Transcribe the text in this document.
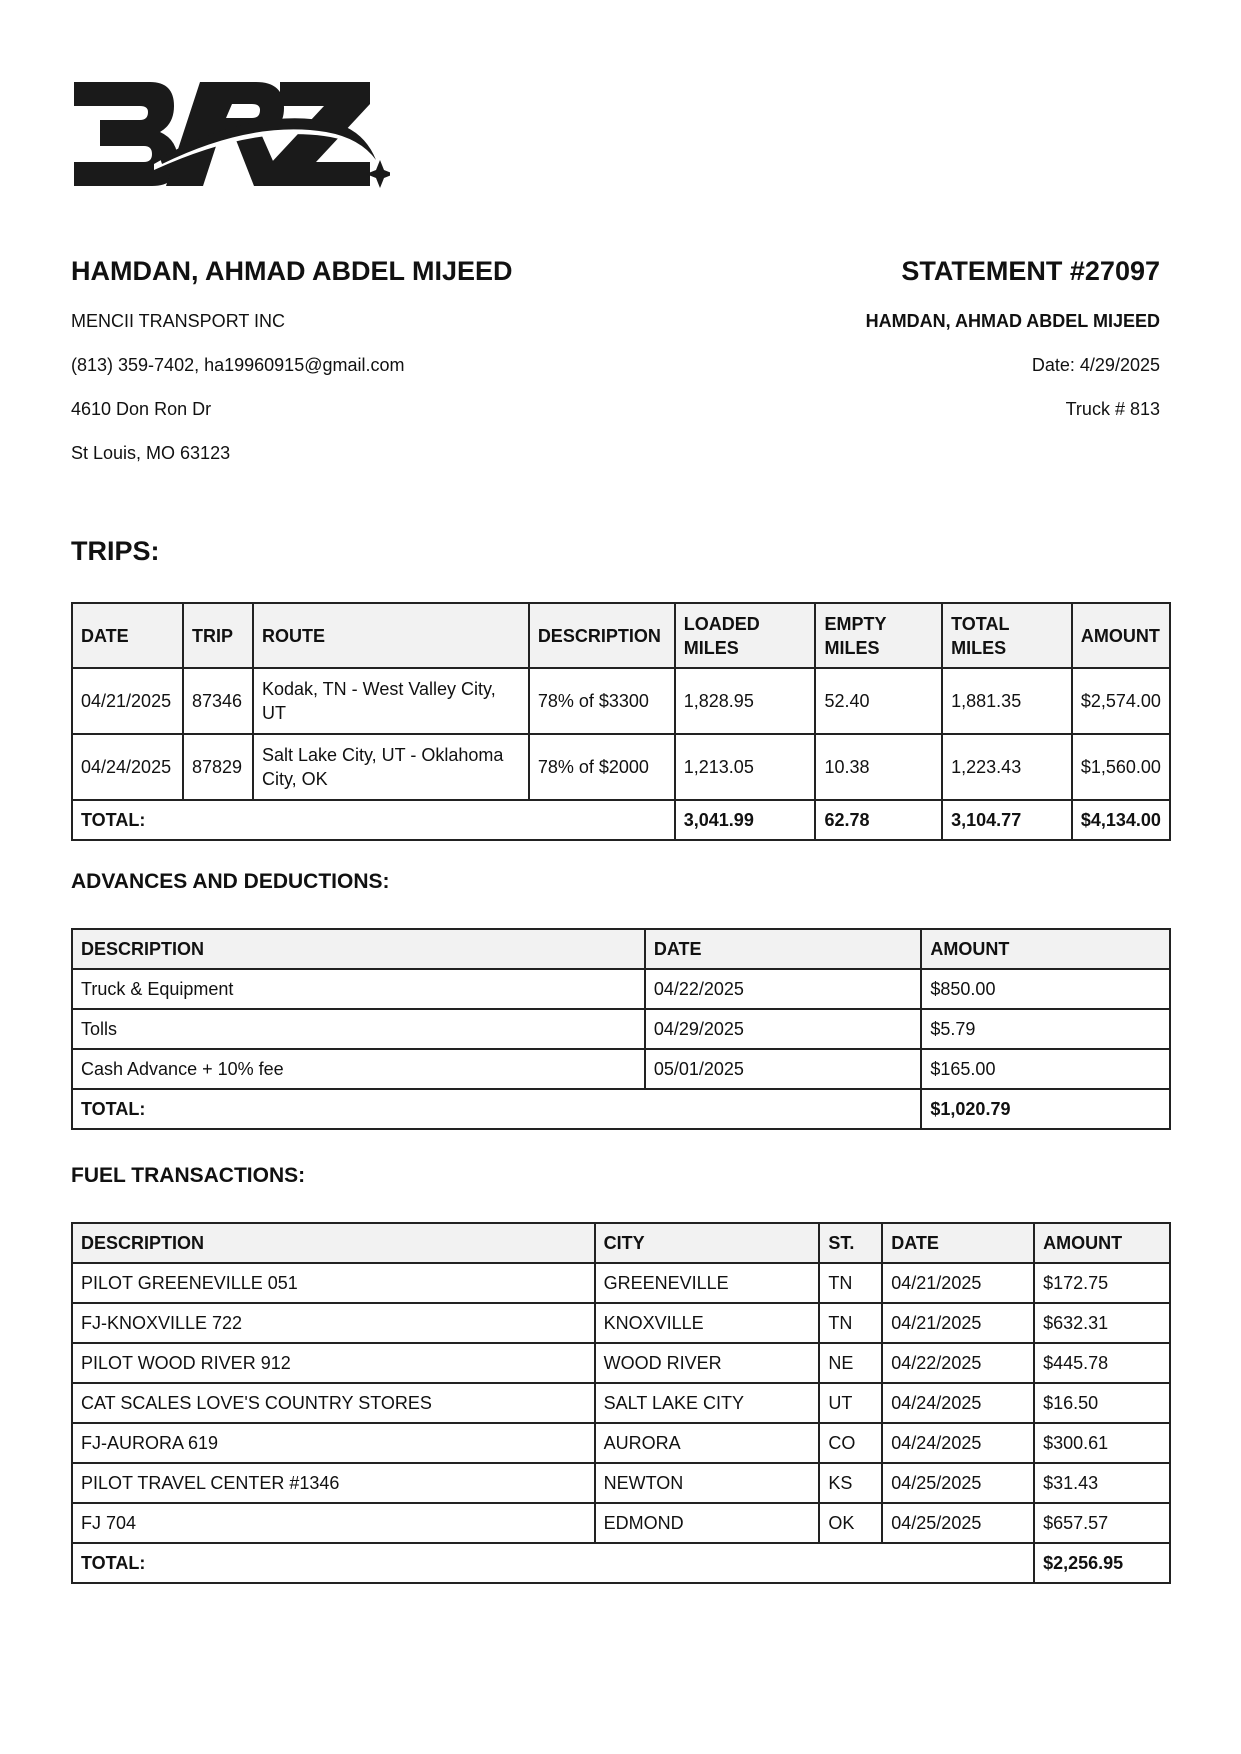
HAMDAN, AHMAD ABDEL MIJEED

MENCII TRANSPORT INC

(813) 359-7402, ha19960915@gmail.com

4610 Don Ron Dr

St Louis, MO 63123

STATEMENT #27097

HAMDAN, AHMAD ABDEL MIJEED

Date: 4/29/2025

Truck # 813

TRIPS:

DATE	TRIP	ROUTE	DESCRIPTION	LOADED MILES	EMPTY MILES	TOTAL MILES	AMOUNT
04/21/2025	87346	Kodak, TN - West Valley City, UT	78% of $3300	1,828.95	52.40	1,881.35	$2,574.00
04/24/2025	87829	Salt Lake City, UT - Oklahoma City, OK	78% of $2000	1,213.05	10.38	1,223.43	$1,560.00
TOTAL:				3,041.99	62.78	3,104.77	$4,134.00

ADVANCES AND DEDUCTIONS:

DESCRIPTION	DATE	AMOUNT
Truck & Equipment	04/22/2025	$850.00
Tolls	04/29/2025	$5.79
Cash Advance + 10% fee	05/01/2025	$165.00
TOTAL:		$1,020.79

FUEL TRANSACTIONS:

DESCRIPTION	CITY	ST.	DATE	AMOUNT
PILOT GREENEVILLE 051	GREENEVILLE	TN	04/21/2025	$172.75
FJ-KNOXVILLE 722	KNOXVILLE	TN	04/21/2025	$632.31
PILOT WOOD RIVER 912	WOOD RIVER	NE	04/22/2025	$445.78
CAT SCALES LOVE'S COUNTRY STORES	SALT LAKE CITY	UT	04/24/2025	$16.50
FJ-AURORA 619	AURORA	CO	04/24/2025	$300.61
PILOT TRAVEL CENTER #1346	NEWTON	KS	04/25/2025	$31.43
FJ 704	EDMOND	OK	04/25/2025	$657.57
TOTAL:				$2,256.95
